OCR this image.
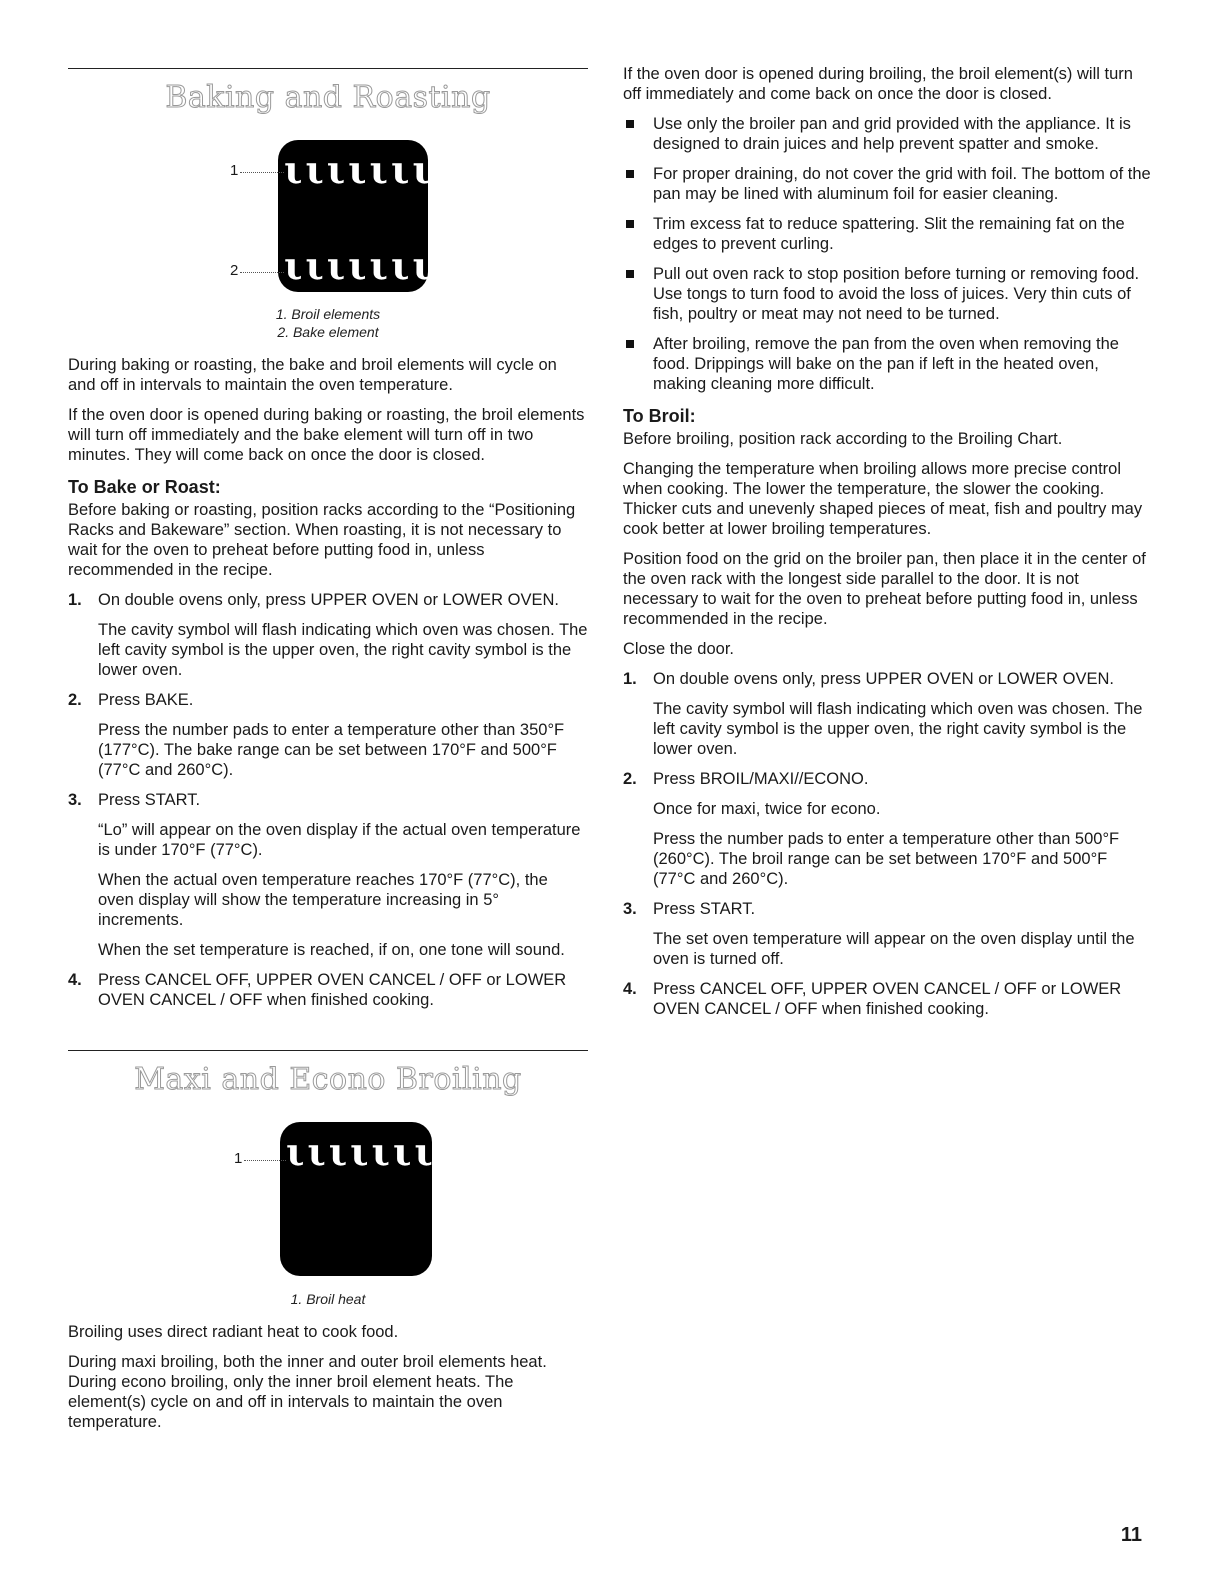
Baking and Roasting
ιιιιιιι
ιιιιιιι
1
2
1. Broil elements
2. Bake element

During baking or roasting, the bake and broil elements will cycle on and off in intervals to maintain the oven temperature.

If the oven door is opened during baking or roasting, the broil elements will turn off immediately and the bake element will turn off in two minutes. They will come back on once the door is closed.

To Bake or Roast:

Before baking or roasting, position racks according to the “Positioning Racks and Bakeware” section. When roasting, it is not necessary to wait for the oven to preheat before putting food in, unless recommended in the recipe.

1. On double ovens only, press UPPER OVEN or LOWER OVEN.

The cavity symbol will flash indicating which oven was chosen. The left cavity symbol is the upper oven, the right cavity symbol is the lower oven.

2. Press BAKE.

Press the number pads to enter a temperature other than 350°F (177°C). The bake range can be set between 170°F and 500°F (77°C and 260°C).

3. Press START.

“Lo” will appear on the oven display if the actual oven temperature is under 170°F (77°C).

When the actual oven temperature reaches 170°F (77°C), the oven display will show the temperature increasing in 5° increments.

When the set temperature is reached, if on, one tone will sound.

4. Press CANCEL OFF, UPPER OVEN CANCEL / OFF or LOWER OVEN CANCEL / OFF when finished cooking.

Maxi and Econo Broiling
ιιιιιιι
1
1. Broil heat

Broiling uses direct radiant heat to cook food.

During maxi broiling, both the inner and outer broil elements heat. During econo broiling, only the inner broil element heats. The element(s) cycle on and off in intervals to maintain the oven temperature.

If the oven door is opened during broiling, the broil element(s) will turn off immediately and come back on once the door is closed.

Use only the broiler pan and grid provided with the appliance. It is designed to drain juices and help prevent spatter and smoke.

For proper draining, do not cover the grid with foil. The bottom of the pan may be lined with aluminum foil for easier cleaning.

Trim excess fat to reduce spattering. Slit the remaining fat on the edges to prevent curling.

Pull out oven rack to stop position before turning or removing food. Use tongs to turn food to avoid the loss of juices. Very thin cuts of fish, poultry or meat may not need to be turned.

After broiling, remove the pan from the oven when removing the food. Drippings will bake on the pan if left in the heated oven, making cleaning more difficult.

To Broil:

Before broiling, position rack according to the Broiling Chart.

Changing the temperature when broiling allows more precise control when cooking. The lower the temperature, the slower the cooking. Thicker cuts and unevenly shaped pieces of meat, fish and poultry may cook better at lower broiling temperatures.

Position food on the grid on the broiler pan, then place it in the center of the oven rack with the longest side parallel to the door. It is not necessary to wait for the oven to preheat before putting food in, unless recommended in the recipe.

Close the door.

1. On double ovens only, press UPPER OVEN or LOWER OVEN.

The cavity symbol will flash indicating which oven was chosen. The left cavity symbol is the upper oven, the right cavity symbol is the lower oven.

2. Press BROIL/MAXI//ECONO.

Once for maxi, twice for econo.

Press the number pads to enter a temperature other than 500°F (260°C). The broil range can be set between 170°F and 500°F (77°C and 260°C).

3. Press START.

The set oven temperature will appear on the oven display until the oven is turned off.

4. Press CANCEL OFF, UPPER OVEN CANCEL / OFF or LOWER OVEN CANCEL / OFF when finished cooking.

11
